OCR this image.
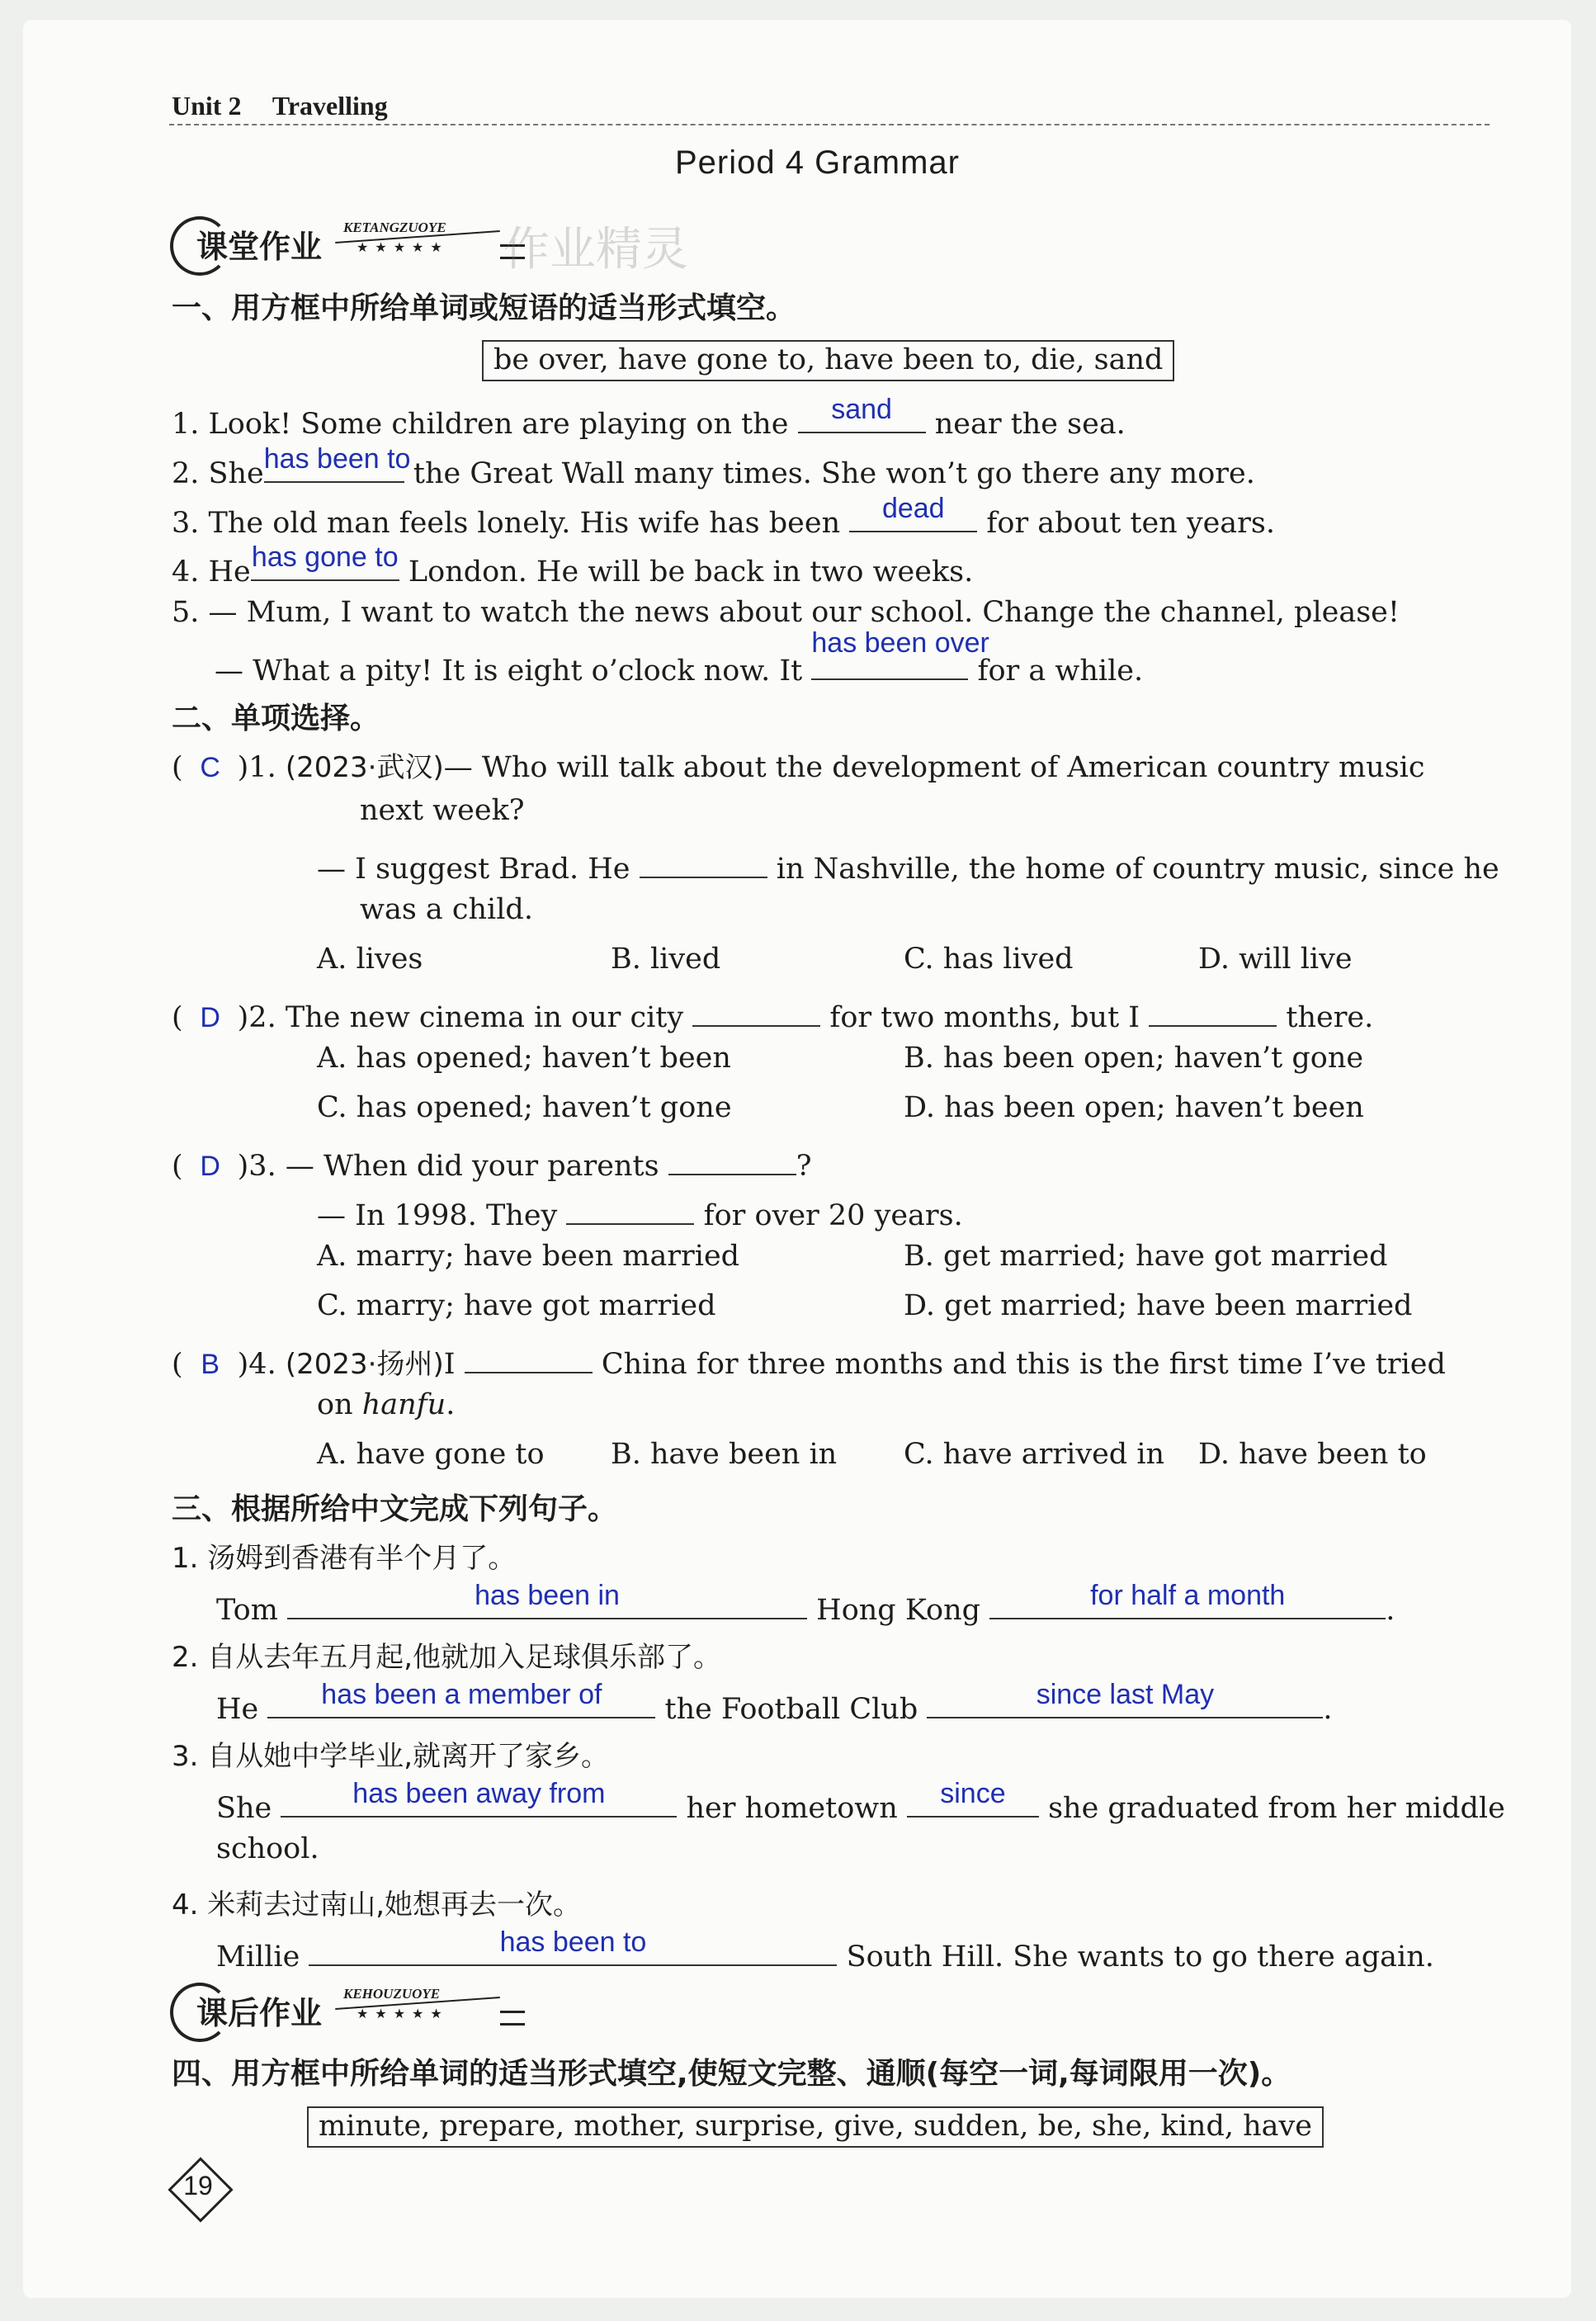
Unit 2 Travelling
Period 4 Grammar
课堂作业
KETANGZUOYE
★★★★★ 作业精灵
一、用方框中所给单词或短语的适当形式填空。
be over, have gone to, have been to, die, sand
1. Look! Some children are playing on the	sand	near the sea.
2. She has been to the Great Wall many times. She won’t go there any more.
3. The old man feels lonely. His wife has been	dead	for about ten years.
4. He has gone to London. He will be back in two weeks.
5. — Mum, I want to watch the news about our school. Change the channel, please!
— What a pity! It is eight o’clock now. It
has been over
for a while.
二、单项选择。
( C )1. (2023·武汉)— Who will talk about the development of American country music
next week?
— I suggest Brad. He	in Nashville, the home of country music, since he
was a child.
A. lives	B. lived	C. has lived	D. will live
( D )2. The new cinema in our city	for two months, but I	there.
A. has opened; haven’t been	B. has been open; haven’t gone
C. has opened; haven’t gone	D. has been open; haven’t been
( D )3. — When did your parents	?
— In 1998. They	for over 20 years.
A. marry; have been married	B. get married; have got married
C. marry; have got married	D. get married; have been married
( B )4. (2023·扬州)I	China for three months and this is the first time I’ve tried
on hanfu.
A. have gone to B. have been in C. have arrived in D. have been to
三、根据所给中文完成下列句子。
1. 汤姆到香港有半个月了。
Tom	has been in	Hong Kong	for half a month	.
2. 自从去年五月起,他就加入足球俱乐部了。
He	has been a member of	the Football Club	since last May	.
3. 自从她中学毕业,就离开了家乡。
She	has been away from	her hometown	since	she graduated from her middle
school.
4. 米莉去过南山,她想再去一次。
Millie	has been to	South Hill. She wants to go there again.
课后作业
KEHOUZUOYE
★★★★★
四、用方框中所给单词的适当形式填空,使短文完整、通顺(每空一词,每词限用一次)。
minute, prepare, mother, surprise, give, sudden, be, she, kind, have
19
